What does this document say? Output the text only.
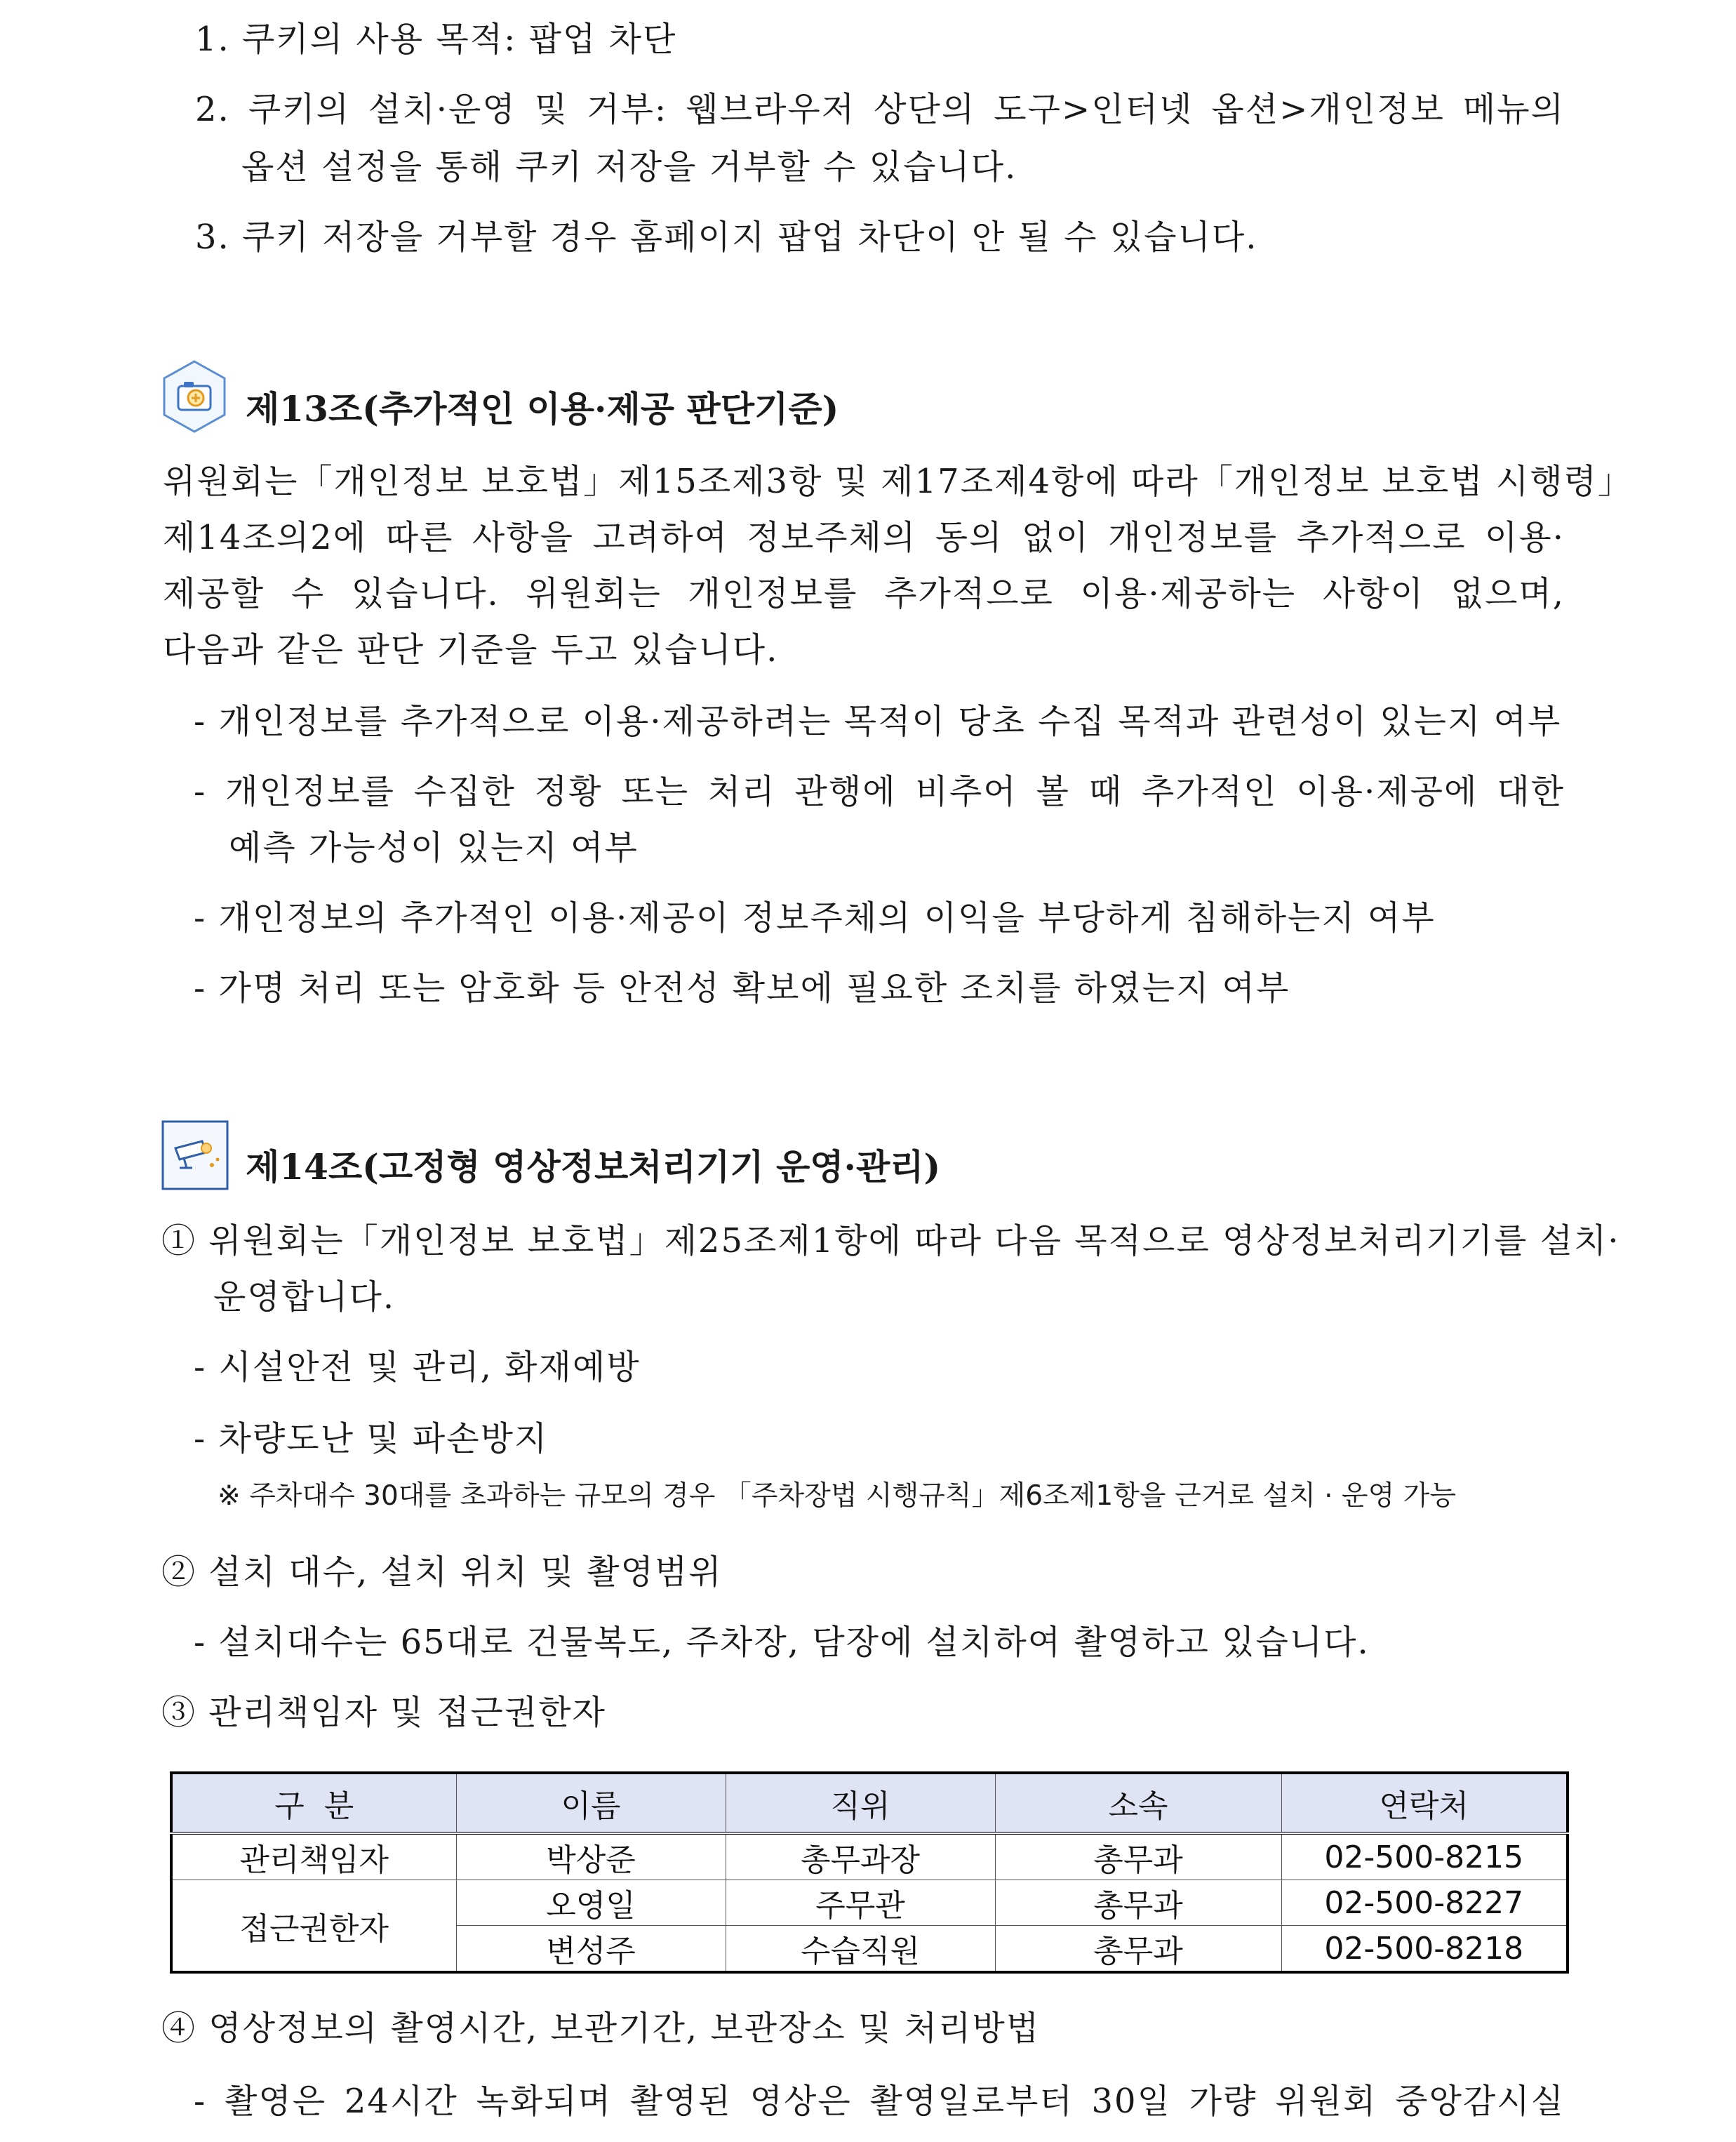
1. 쿠키의 사용 목적: 팝업 차단
2. 쿠키의 설치·운영 및 거부: 웹브라우저 상단의 도구>인터넷 옵션>개인정보 메뉴의
옵션 설정을 통해 쿠키 저장을 거부할 수 있습니다.
3. 쿠키 저장을 거부할 경우 홈페이지 팝업 차단이 안 될 수 있습니다.
제13조(추가적인 이용·제공 판단기준)
위원회는「개인정보 보호법」제15조제3항 및 제17조제4항에 따라「개인정보 보호법 시행령」
제14조의2에 따른 사항을 고려하여 정보주체의 동의 없이 개인정보를 추가적으로 이용·
제공할 수 있습니다. 위원회는 개인정보를 추가적으로 이용·제공하는 사항이 없으며,
다음과 같은 판단 기준을 두고 있습니다.
- 개인정보를 추가적으로 이용·제공하려는 목적이 당초 수집 목적과 관련성이 있는지 여부
- 개인정보를 수집한 정황 또는 처리 관행에 비추어 볼 때 추가적인 이용·제공에 대한
예측 가능성이 있는지 여부
- 개인정보의 추가적인 이용·제공이 정보주체의 이익을 부당하게 침해하는지 여부
- 가명 처리 또는 암호화 등 안전성 확보에 필요한 조치를 하였는지 여부
제14조(고정형 영상정보처리기기 운영·관리)
① 위원회는「개인정보 보호법」제25조제1항에 따라 다음 목적으로 영상정보처리기기를 설치·
운영합니다.
- 시설안전 및 관리, 화재예방
- 차량도난 및 파손방지
※ 주차대수 30대를 초과하는 규모의 경우 「주차장법 시행규칙」제6조제1항을 근거로 설치 · 운영 가능
② 설치 대수, 설치 위치 및 촬영범위
- 설치대수는 65대로 건물복도, 주차장, 담장에 설치하여 촬영하고 있습니다.
③ 관리책임자 및 접근권한자
구  분	이름	직위	소속	연락처
관리책임자	박상준	총무과장	총무과	02-500-8215
접근권한자	오영일	주무관	총무과	02-500-8227
	변성주	수습직원	총무과	02-500-8218
④ 영상정보의 촬영시간, 보관기간, 보관장소 및 처리방법
- 촬영은 24시간 녹화되며 촬영된 영상은 촬영일로부터 30일 가량 위원회 중앙감시실
